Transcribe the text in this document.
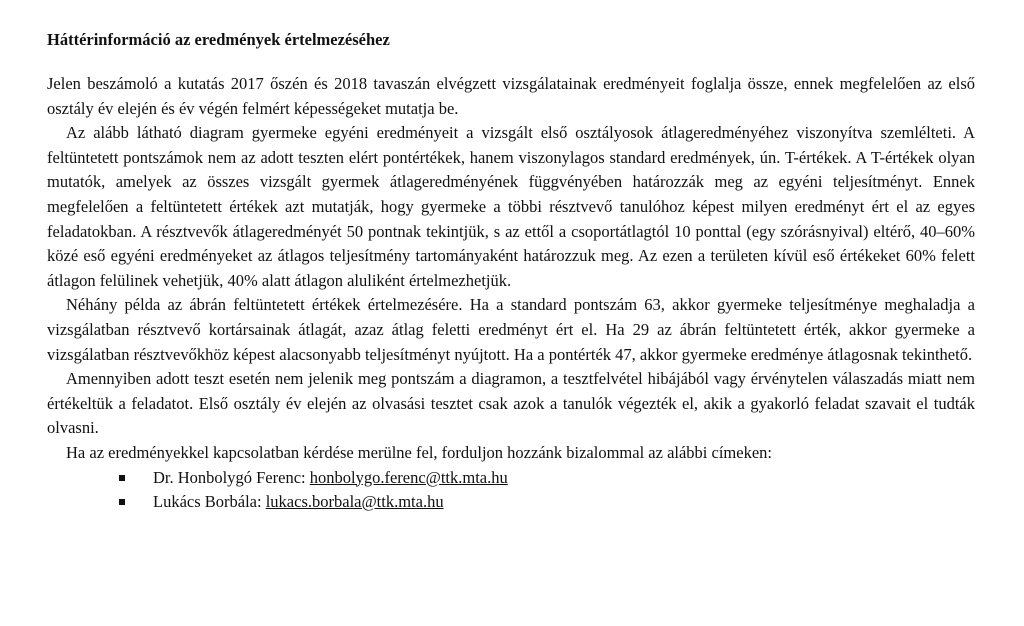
Háttérinformáció az eredmények értelmezéséhez

Jelen beszámoló a kutatás 2017 őszén és 2018 tavaszán elvégzett vizsgálatainak eredményeit foglalja össze, ennek megfelelően az első osztály év elején és év végén felmért képességeket mutatja be.

Az alább látható diagram gyermeke egyéni eredményeit a vizsgált első osztályosok átlageredményéhez viszonyítva szemlélteti. A feltüntetett pontszámok nem az adott teszten elért pontértékek, hanem viszonylagos standard eredmények, ún. T-értékek. A T-értékek olyan mutatók, amelyek az összes vizsgált gyermek átlageredményének függvényében határozzák meg az egyéni teljesítményt. Ennek megfelelően a feltüntetett értékek azt mutatják, hogy gyermeke a többi résztvevő tanulóhoz képest milyen eredményt ért el az egyes feladatokban. A résztvevők átlageredményét 50 pontnak tekintjük, s az ettől a csoportátlagtól 10 ponttal (egy szórásnyival) eltérő, 40–60% közé eső egyéni eredményeket az átlagos teljesítmény tartományaként határozzuk meg. Az ezen a területen kívül eső értékeket 60% felett átlagon felülinek vehetjük, 40% alatt átlagon aluliként értelmezhetjük.

Néhány példa az ábrán feltüntetett értékek értelmezésére. Ha a standard pontszám 63, akkor gyermeke teljesítménye meghaladja a vizsgálatban résztvevő kortársainak átlagát, azaz átlag feletti eredményt ért el. Ha 29 az ábrán feltüntetett érték, akkor gyermeke a vizsgálatban résztvevőkhöz képest alacsonyabb teljesítményt nyújtott. Ha a pontérték 47, akkor gyermeke eredménye átlagosnak tekinthető.

Amennyiben adott teszt esetén nem jelenik meg pontszám a diagramon, a tesztfelvétel hibájából vagy érvénytelen válaszadás miatt nem értékeltük a feladatot. Első osztály év elején az olvasási tesztet csak azok a tanulók végezték el, akik a gyakorló feladat szavait el tudták olvasni.

Ha az eredményekkel kapcsolatban kérdése merülne fel, forduljon hozzánk bizalommal az alábbi címeken:

Dr. Honbolygó Ferenc: honbolygo.ferenc@ttk.mta.hu
Lukács Borbála: lukacs.borbala@ttk.mta.hu
